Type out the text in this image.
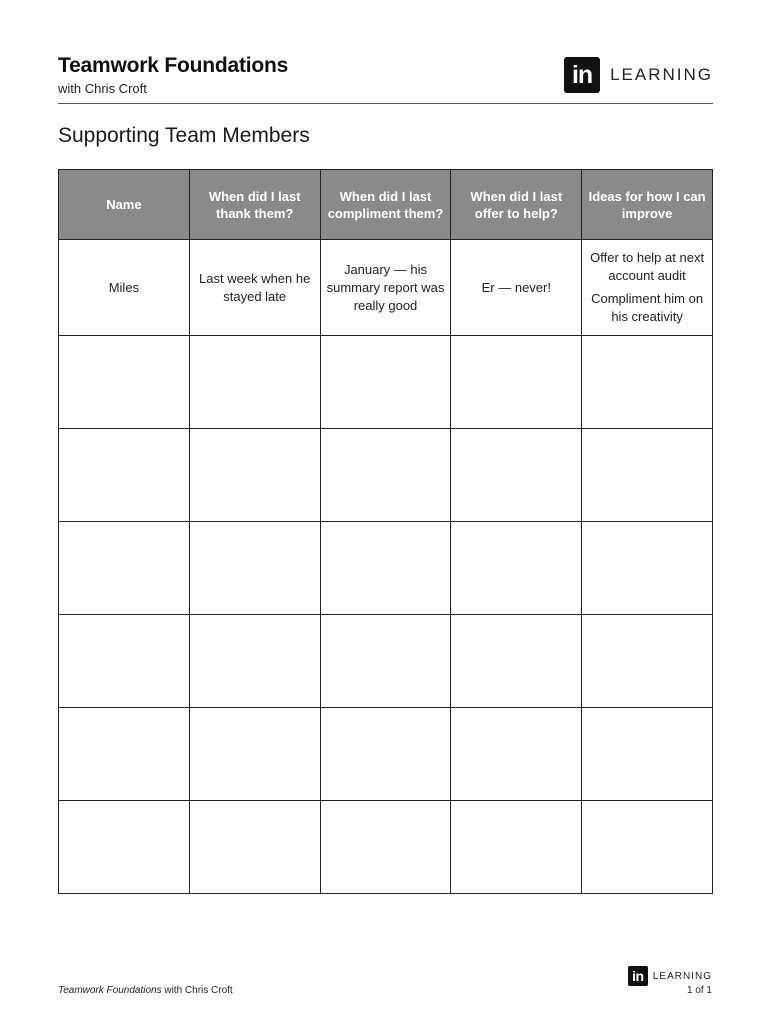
Teamwork Foundations
with Chris Croft	in	LEARNING
Supporting Team Members
Name	When did I last thank them?	When did I last compliment them?	When did I last offer to help?	Ideas for how I can improve
Miles	Last week when he stayed late	January — his summary report was really good	Er — never!	Offer to help at next account audit
Compliment him on his creativity

Teamwork Foundations with Chris Croft
in LEARNING
1 of 1
